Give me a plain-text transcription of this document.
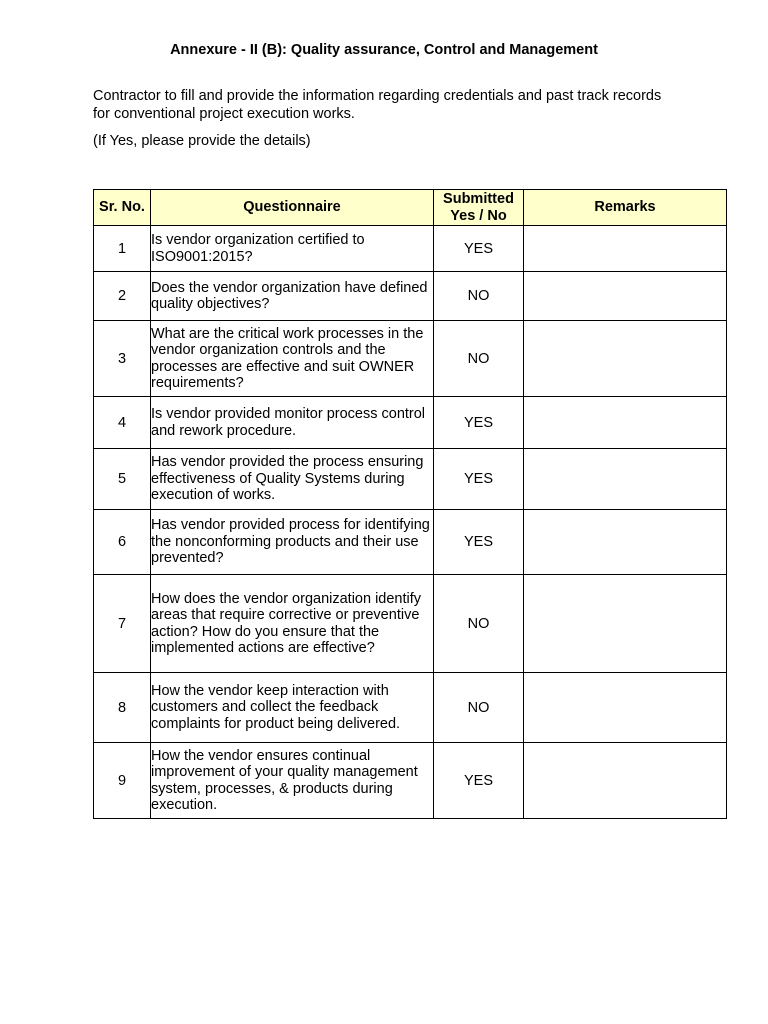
Annexure - II (B): Quality assurance, Control and Management
Contractor to fill and provide the information regarding credentials and past track records for conventional project execution works.
(If Yes, please provide the details)
Sr. No.	Questionnaire	Submitted Yes / No	Remarks
1	Is vendor organization certified to ISO9001:2015?	YES	
2	Does the vendor organization have defined quality objectives?	NO	
3	What are the critical work processes in the vendor organization controls and the processes are effective and suit OWNER requirements?	NO	
4	Is vendor provided monitor process control and rework procedure.	YES	
5	Has vendor provided the process ensuring effectiveness of Quality Systems during execution of works.	YES	
6	Has vendor provided process for identifying the nonconforming products and their use prevented?	YES	
7	How does the vendor organization identify areas that require corrective or preventive action? How do you ensure that the implemented actions are effective?	NO	
8	How the vendor keep interaction with customers and collect the feedback complaints for product being delivered.	NO	
9	How the vendor ensures continual improvement of your quality management system, processes, & products during execution.	YES	
